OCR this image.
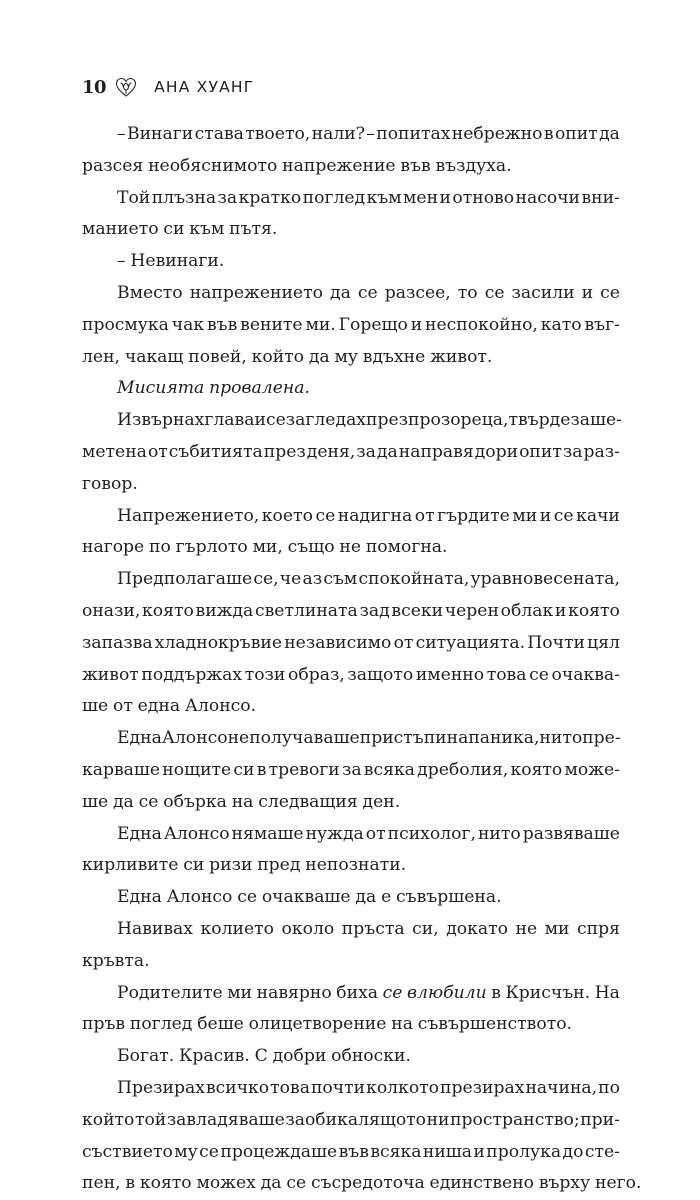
10	АНА ХУАНГ
– Винаги става твоето, нали? – попитах небрежно в опит да
разсея необяснимото напрежение във въздуха.
Той плъзна за кратко поглед към мен и отново насочи вни-
манието си към пътя.
– Невинаги.
Вместо напрежението да се разсее, то се засили и се
просмука чак във вените ми. Горещо и неспокойно, като въг-
лен, чакащ повей, който да му вдъхне живот.
Мисията провалена.
Извърнах глава и се загледах през прозореца, твърде заше-
метена от събитията през деня, за да направя дори опит за раз-
говор.
Напрежението, което се надигна от гърдите ми и се качи
нагоре по гърлото ми, също не помогна.
Предполагаше се, че аз съм спокойната, уравновесената,
онази, която вижда светлината зад всеки черен облак и която
запазва хладнокръвие независимо от ситуацията. Почти цял
живот поддържах този образ, защото именно това се очаква-
ше от една Алонсо.
Една Алонсо не получаваше пристъпи на паника, нито пре-
карваше нощите си в тревоги за всяка дреболия, която може-
ше да се обърка на следващия ден.
Една Алонсо нямаше нужда от психолог, нито развяваше
кирливите си ризи пред непознати.
Една Алонсо се очакваше да е съвършена.
Навивах колието около пръста си, докато не ми спря
кръвта.
Родителите ми навярно биха се влюбили в Крисчън. На
пръв поглед беше олицетворение на съвършенството.
Богат. Красив. С добри обноски.
Презирах всичко това почти колкото презирах начина, по
който той завладяваше заобикалящото ни пространство; при-
съствието му се процеждаше във всяка ниша и пролука до сте-
пен, в която можех да се съсредоточа единствено върху него.
